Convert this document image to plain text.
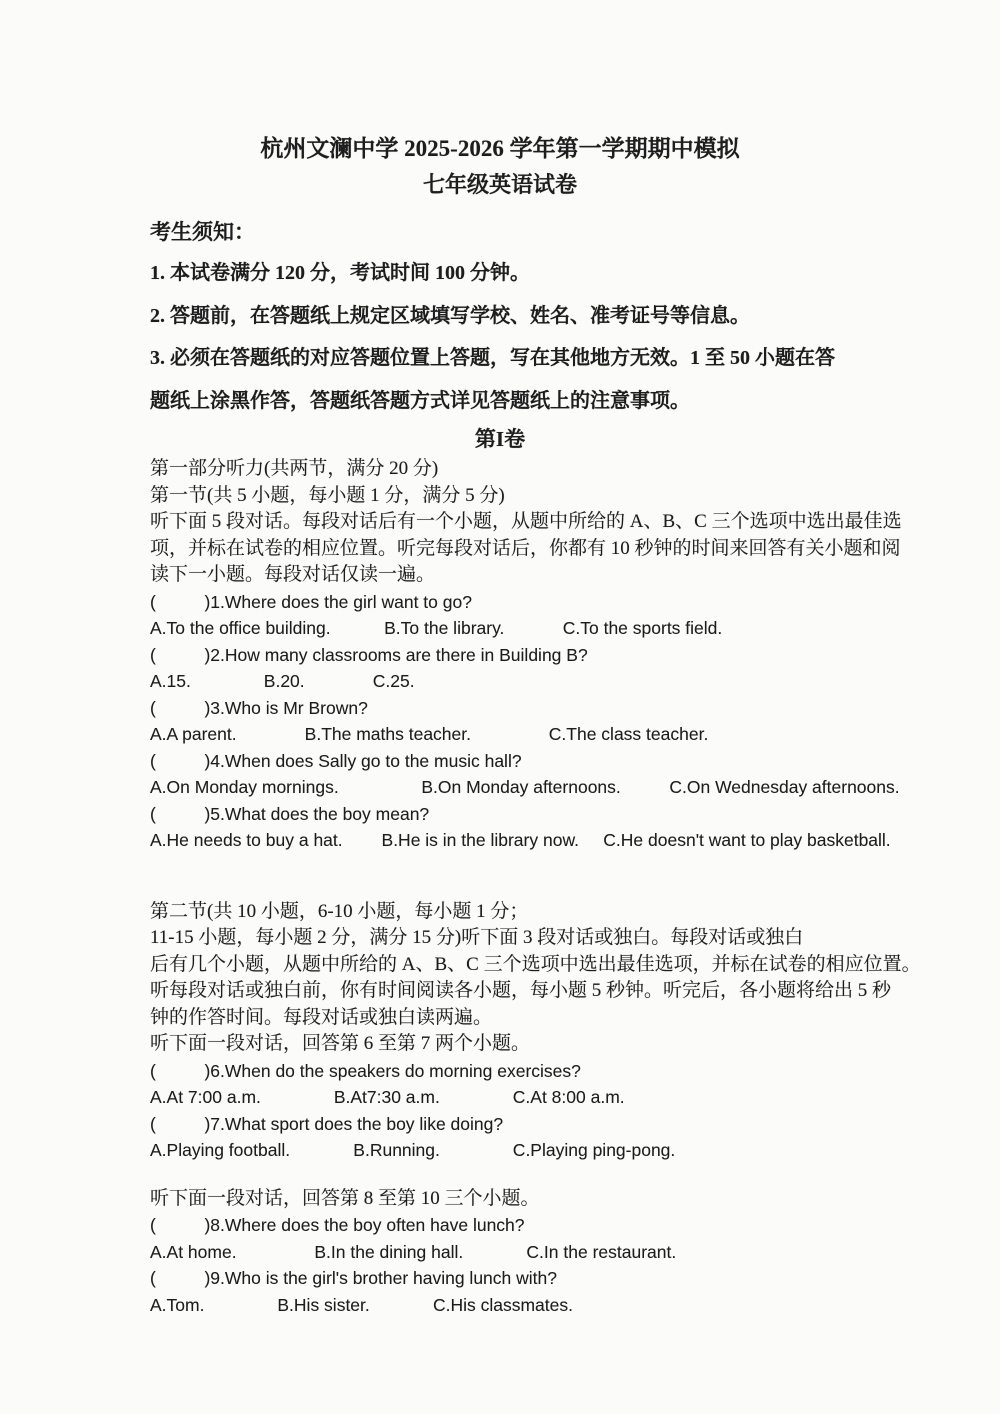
杭州文澜中学 2025-2026 学年第一学期期中模拟
七年级英语试卷
考生须知：
1. 本试卷满分 120 分，考试时间 100 分钟。
2. 答题前，在答题纸上规定区域填写学校、姓名、准考证号等信息。
3. 必须在答题纸的对应答题位置上答题，写在其他地方无效。1 至 50 小题在答
题纸上涂黑作答，答题纸答题方式详见答题纸上的注意事项。
第I卷
第一部分听力(共两节，满分 20 分)
第一节(共 5 小题，每小题 1 分，满分 5 分)
听下面 5 段对话。每段对话后有一个小题，从题中所给的 A、B、C 三个选项中选出最佳选
项，并标在试卷的相应位置。听完每段对话后，你都有 10 秒钟的时间来回答有关小题和阅
读下一小题。每段对话仅读一遍。
(          )1.Where does the girl want to go?
A.To the office building.           B.To the library.            C.To the sports field.
(          )2.How many classrooms are there in Building B?
A.15.               B.20.              C.25.
(          )3.Who is Mr Brown?
A.A parent.              B.The maths teacher.                C.The class teacher.
(          )4.When does Sally go to the music hall?
A.On Monday mornings.                 B.On Monday afternoons.          C.On Wednesday afternoons.
(          )5.What does the boy mean?
A.He needs to buy a hat.        B.He is in the library now.     C.He doesn't want to play basketball.
第二节(共 10 小题，6-10 小题，每小题 1 分；
11-15 小题，每小题 2 分，满分 15 分)听下面 3 段对话或独白。每段对话或独白
后有几个小题，从题中所给的 A、B、C 三个选项中选出最佳选项，并标在试卷的相应位置。
听每段对话或独白前，你有时间阅读各小题，每小题 5 秒钟。听完后，各小题将给出 5 秒
钟的作答时间。每段对话或独白读两遍。
听下面一段对话，回答第 6 至第 7 两个小题。
(          )6.When do the speakers do morning exercises?
A.At 7:00 a.m.               B.At7:30 a.m.               C.At 8:00 a.m.
(          )7.What sport does the boy like doing?
A.Playing football.             B.Running.               C.Playing ping-pong.
听下面一段对话，回答第 8 至第 10 三个小题。
(          )8.Where does the boy often have lunch?
A.At home.                B.In the dining hall.             C.In the restaurant.
(          )9.Who is the girl's brother having lunch with?
A.Tom.               B.His sister.             C.His classmates.
